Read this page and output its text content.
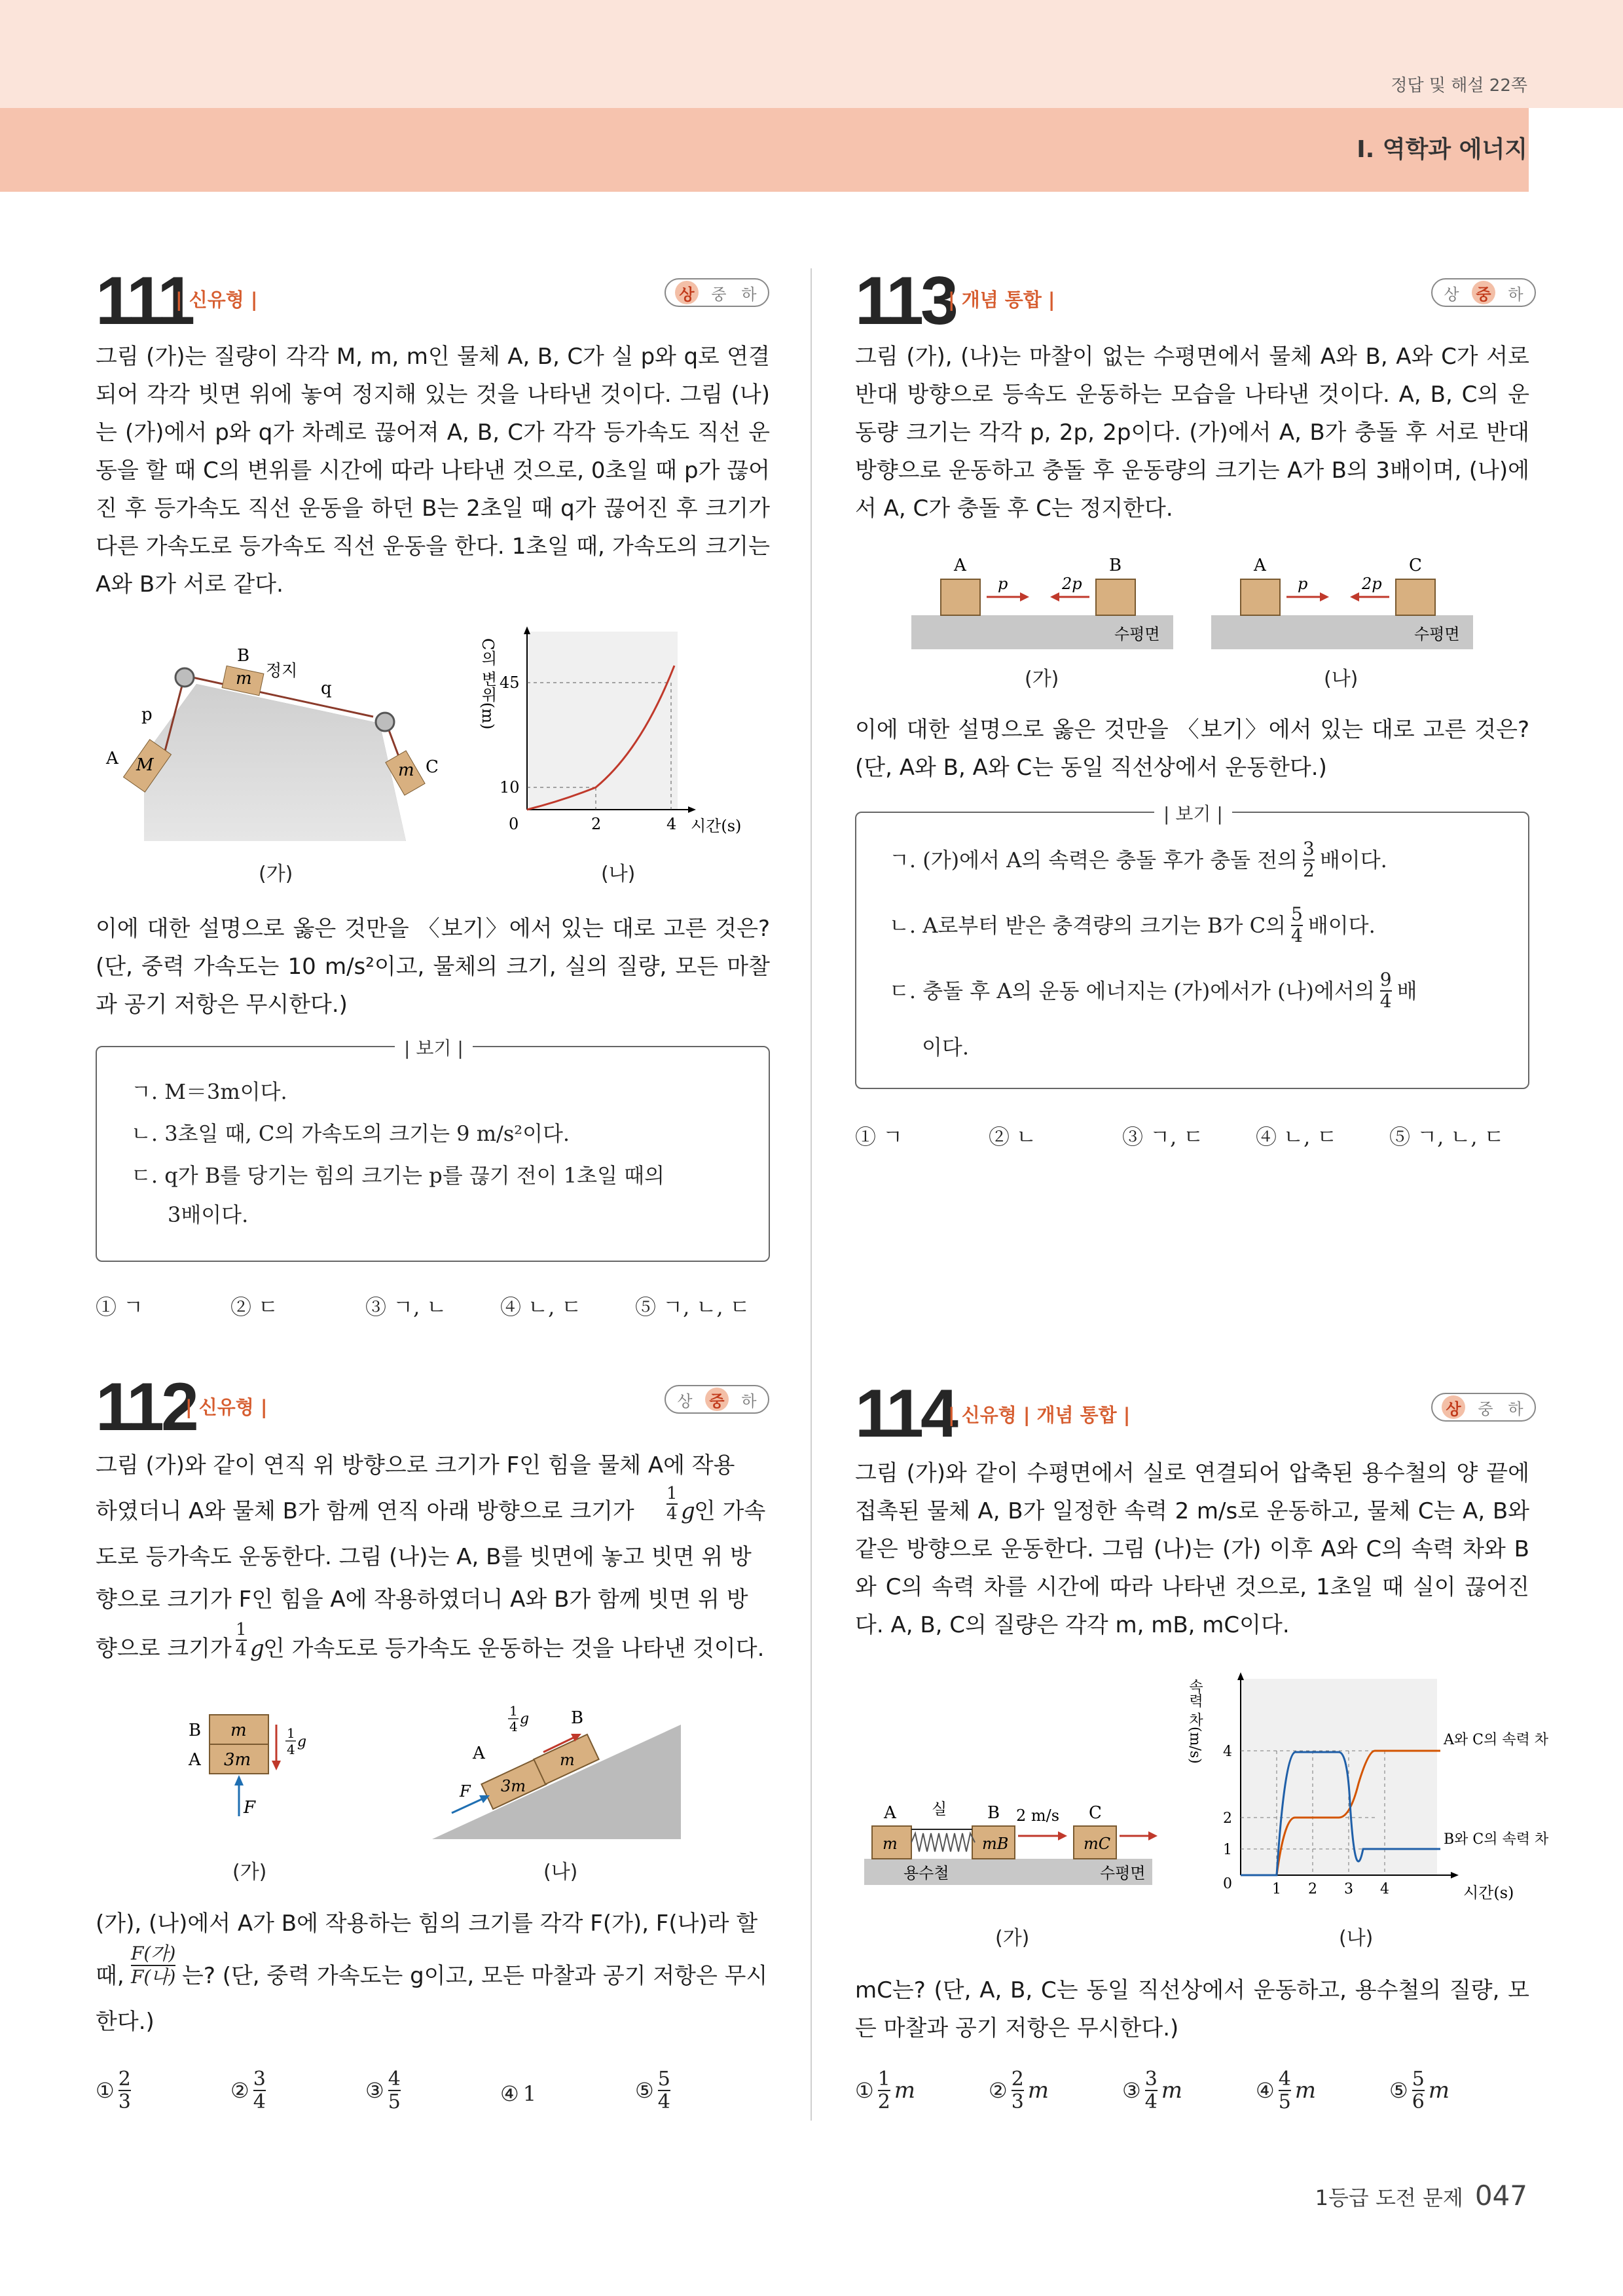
정답 및 해설 22쪽
Ⅰ. 역학과 에너지
111
| 신유형 |	상 중 하
그림 (가)는 질량이 각각 M, m, m인 물체 A, B, C가 실 p와 q로 연결되어 각각 빗면 위에 놓여 정지해 있는 것을 나타낸 것이다. 그림 (나)는 (가)에서 p와 q가 차례로 끊어져 A, B, C가 각각 등가속도 직선 운동을 할 때 C의 변위를 시간에 따라 나타낸 것으로, 0초일 때 p가 끊어진 후 등가속도 직선 운동을 하던 B는 2초일 때 q가 끊어진 후 크기가 다른 가속도로 등가속도 직선 운동을 한다. 1초일 때, 가속도의 크기는 A와 B가 서로 같다.
m
M	m
B
정지
q
p
A	C
(가)
45
10
0	2	4 시간(s)
C의 변위(m)
(나)
이에 대한 설명으로 옳은 것만을 〈보기〉에서 있는 대로 고른 것은? (단, 중력 가속도는 10 m/s²이고, 물체의 크기, 실의 질량, 모든 마찰과 공기 저항은 무시한다.)
| 보기 |
ㄱ. M＝3m이다.
ㄴ. 3초일 때, C의 가속도의 크기는 9 m/s²이다.
ㄷ. q가 B를 당기는 힘의 크기는 p를 끊기 전이 1초일 때의
3배이다.
① ㄱ	② ㄷ	③ ㄱ, ㄴ	④ ㄴ, ㄷ	⑤ ㄱ, ㄴ, ㄷ
112
| 신유형 |	상 중 하
그림 (가)와 같이 연직 위 방향으로 크기가 F인 힘을 물체 A에 작용
하였더니 A와 물체 B가 함께 연직 아래 방향으로 크기가 $\frac{1}{4}$ g
인 가속
도로 등가속도 운동한다. 그림 (나)는 A, B를 빗면에 놓고 빗면 위 방
향으로 크기가 F인 힘을 A에 작용하였더니 A와 B가 함께 빗면 위 방
향으로 크기가 $\frac{1}{4}$ g
인 가속도로 등가속도 운동하는 것을 나타낸 것이다.
m
3m
B
A
1
4 g
F
(가)
3m
m
A
B
F
1
4 g
(나)
(가), (나)에서 A가 B에 작용하는 힘의 크기를 각각 F(가), F(나)라 할
때,
F(가)
F(나) 는? (단, 중력 가속도는 g이고, 모든 마찰과 공기 저항은 무시
한다.)
① $\frac{2}{3}$	② $\frac{3}{4}$	③ $\frac{4}{5}$	④ 1	⑤ $\frac{5}{4}$
113
| 개념 통합 |	상 중 하
그림 (가), (나)는 마찰이 없는 수평면에서 물체 A와 B, A와 C가 서로 반대 방향으로 등속도 운동하는 모습을 나타낸 것이다. A, B, C의 운동량 크기는 각각 p, 2p, 2p이다. (가)에서 A, B가 충돌 후 서로 반대 방향으로 운동하고 충돌 후 운동량의 크기는 A가 B의 3배이며, (나)에서 A, C가 충돌 후 C는 정지한다.
A	B
p	2p
수평면
(가)
A	C
p	2p
수평면
(나)
이에 대한 설명으로 옳은 것만을 〈보기〉에서 있는 대로 고른 것은? (단, A와 B, A와 C는 동일 직선상에서 운동한다.)
| 보기 |
ㄱ. (가)에서 A의 속력은 충돌 후가 충돌 전의 $\frac{3}{2}$ 배이다.
ㄴ. A로부터 받은 충격량의 크기는 B가 C의 $\frac{5}{4}$ 배이다.
ㄷ. 충돌 후 A의 운동 에너지는 (가)에서가 (나)에서의 $\frac{9}{4}$ 배
이다.
① ㄱ	② ㄴ	③ ㄱ, ㄷ ④ ㄴ, ㄷ ⑤ ㄱ, ㄴ, ㄷ
114
| 신유형 | 개념 통합 |	상 중 하
그림 (가)와 같이 수평면에서 실로 연결되어 압축된 용수철의 양 끝에 접촉된 물체 A, B가 일정한 속력 2 m/s로 운동하고, 물체 C는 A, B와 같은 방향으로 운동한다. 그림 (나)는 (가) 이후 A와 C의 속력 차와 B와 C의 속력 차를 시간에 따라 나타낸 것으로, 1초일 때 실이 끊어진다. A, B, C의 질량은 각각 m, mB, mC이다.
m	mB	mC
A	B	C
실	2 m/s
용수철	수평면
(가)
4
2
1
0	1 2 3 4	시간(s)
속력 차(m/s)	A와 C의 속력 차
B와 C의 속력 차
(나)
mC는? (단, A, B, C는 동일 직선상에서 운동하고, 용수철의 질량, 모든 마찰과 공기 저항은 무시한다.)
① $\frac{1}{2}$ m	② $\frac{2}{3}$ m	③ $\frac{3}{4}$ m	④ $\frac{4}{5}$ m	⑤ $\frac{5}{6}$ m
1등급 도전 문제 047
